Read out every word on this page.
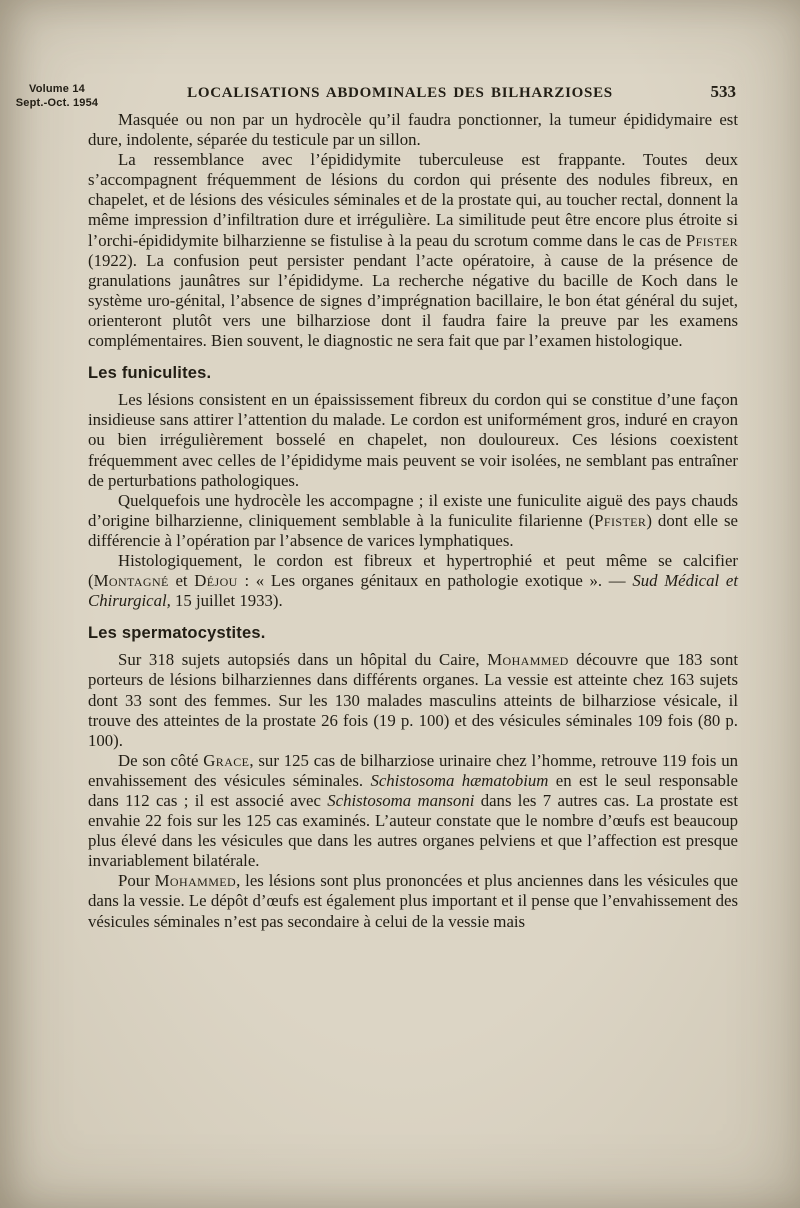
Volume 14
Sept.-Oct. 1954
LOCALISATIONS ABDOMINALES DES BILHARZIOSES	533

Masquée ou non par un hydrocèle qu’il faudra ponctionner, la tumeur épididymaire est dure, indolente, séparée du testicule par un sillon.

La ressemblance avec l’épididymite tuberculeuse est frappante. Toutes deux s’accompagnent fréquemment de lésions du cordon qui présente des nodules fibreux, en chapelet, et de lésions des vésicules séminales et de la prostate qui, au toucher rectal, donnent la même impression d’infiltration dure et irrégulière. La similitude peut être encore plus étroite si l’orchi-épididymite bilharzienne se fistulise à la peau du scrotum comme dans le cas de Pfister (1922). La confusion peut persister pendant l’acte opératoire, à cause de la présence de granulations jaunâtres sur l’épididyme. La recherche négative du bacille de Koch dans le système uro-génital, l’absence de signes d’imprégnation bacillaire, le bon état général du sujet, orienteront plutôt vers une bilharziose dont il faudra faire la preuve par les examens complémentaires. Bien souvent, le diagnostic ne sera fait que par l’examen histologique.

Les funiculites.

Les lésions consistent en un épaississement fibreux du cordon qui se constitue d’une façon insidieuse sans attirer l’attention du malade. Le cordon est uniformément gros, induré en crayon ou bien irrégulièrement bosselé en chapelet, non douloureux. Ces lésions coexistent fréquemment avec celles de l’épididyme mais peuvent se voir isolées, ne semblant pas entraîner de perturbations pathologiques.

Quelquefois une hydrocèle les accompagne ; il existe une funiculite aiguë des pays chauds d’origine bilharzienne, cliniquement semblable à la funiculite filarienne (Pfister) dont elle se différencie à l’opération par l’absence de varices lymphatiques.

Histologiquement, le cordon est fibreux et hypertrophié et peut même se calcifier (Montagné et Déjou : « Les organes génitaux en pathologie exotique ». — Sud Médical et Chirurgical, 15 juillet 1933).

Les spermatocystites.

Sur 318 sujets autopsiés dans un hôpital du Caire, Mohammed découvre que 183 sont porteurs de lésions bilharziennes dans différents organes. La vessie est atteinte chez 163 sujets dont 33 sont des femmes. Sur les 130 malades masculins atteints de bilharziose vésicale, il trouve des atteintes de la prostate 26 fois (19 p. 100) et des vésicules séminales 109 fois (80 p. 100).

De son côté Grace, sur 125 cas de bilharziose urinaire chez l’homme, retrouve 119 fois un envahissement des vésicules séminales. Schistosoma hæmatobium en est le seul responsable dans 112 cas ; il est associé avec Schistosoma mansoni dans les 7 autres cas. La prostate est envahie 22 fois sur les 125 cas examinés. L’auteur constate que le nombre d’œufs est beaucoup plus élevé dans les vésicules que dans les autres organes pelviens et que l’affection est presque invariablement bilatérale.

Pour Mohammed, les lésions sont plus prononcées et plus anciennes dans les vésicules que dans la vessie. Le dépôt d’œufs est également plus important et il pense que l’envahissement des vésicules séminales n’est pas secondaire à celui de la vessie mais
